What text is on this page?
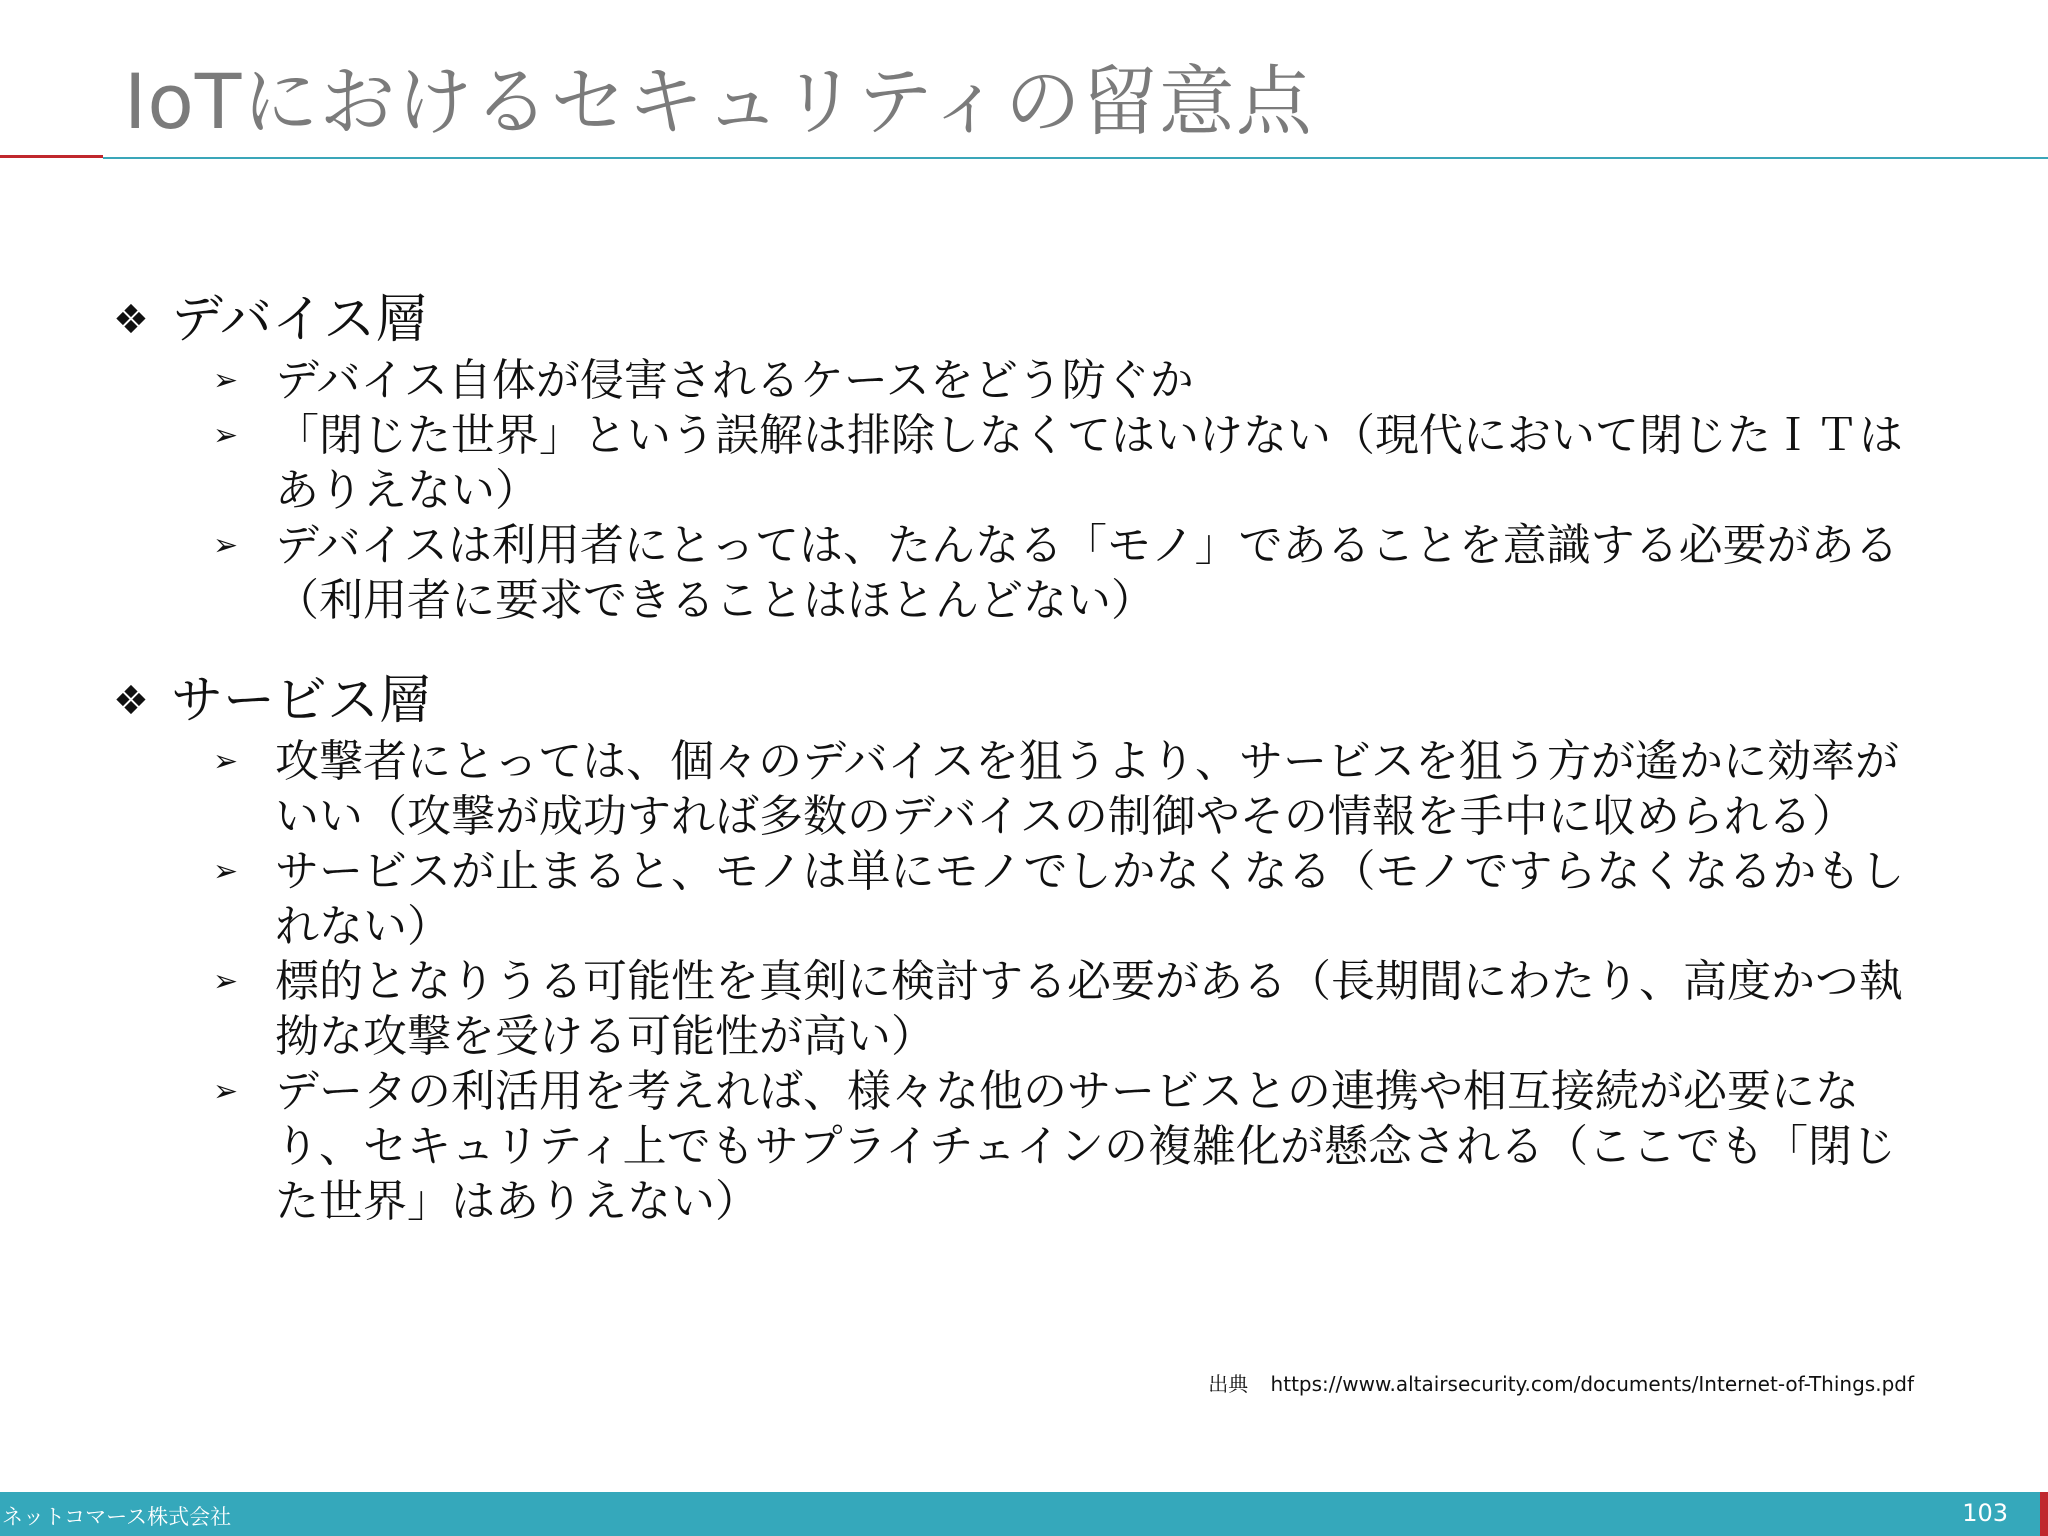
IoTにおけるセキュリティの留意点
❖ デバイス層
➢ デバイス自体が侵害されるケースをどう防ぐか
➢ 「閉じた世界」という誤解は排除しなくてはいけない（現代において閉じたＩＴはありえない）
➢ デバイスは利用者にとっては、たんなる「モノ」であることを意識する必要がある（利用者に要求できることはほとんどない）
❖ サービス層
➢ 攻撃者にとっては、個々のデバイスを狙うより、サービスを狙う方が遙かに効率がいい（攻撃が成功すれば多数のデバイスの制御やその情報を手中に収められる）
➢ サービスが止まると、モノは単にモノでしかなくなる（モノですらなくなるかもしれない）
➢ 標的となりうる可能性を真剣に検討する必要がある（長期間にわたり、高度かつ執拗な攻撃を受ける可能性が高い）
➢ データの利活用を考えれば、様々な他のサービスとの連携や相互接続が必要になり、セキュリティ上でもサプライチェインの複雑化が懸念される（ここでも「閉じた世界」はありえない）
出典 https://www.altairsecurity.com/documents/Internet-of-Things.pdf
ネットコマース株式会社	103
